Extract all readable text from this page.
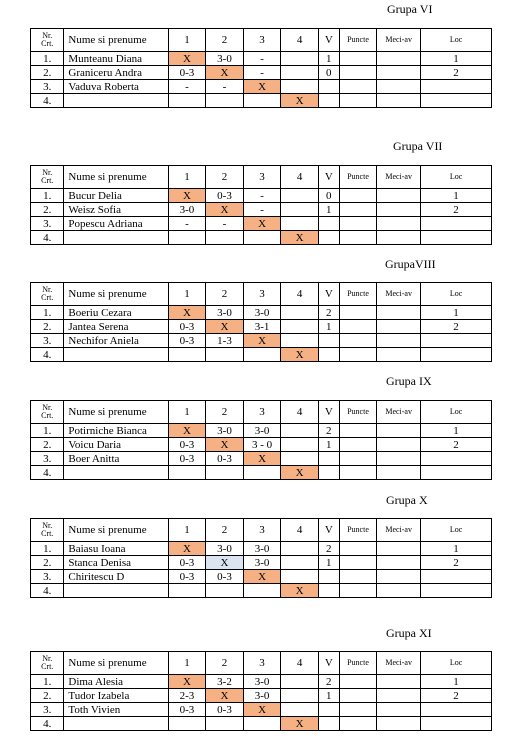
Grupa VI
Nr.
Crt.	Nume si prenume	1	2	3	4	V	Puncte	Meci-av	Loc
1.	Munteanu Diana	X	3-0	-		1			1
2.	Graniceru Andra	0-3	X	-		0			2
3.	Vaduva Roberta	-	-	X					
4.					X				
Grupa VII
Nr.
Crt.	Nume si prenume	1	2	3	4	V	Puncte	Meci-av	Loc
1.	Bucur Delia	X	0-3	-		0			1
2.	Weisz Sofia	3-0	X	-		1			2
3.	Popescu Adriana	-	-	X					
4.					X				
GrupaVIII
Nr.
Crt.	Nume si prenume	1	2	3	4	V	Puncte	Meci-av	Loc
1.	Boeriu Cezara	X	3-0	3-0		2			1
2.	Jantea Serena	0-3	X	3-1		1			2
3.	Nechifor Aniela	0-3	1-3	X					
4.					X				
Grupa IX
Nr.
Crt.	Nume si prenume	1	2	3	4	V	Puncte	Meci-av	Loc
1.	Potirniche Bianca	X	3-0	3-0		2			1
2.	Voicu Daria	0-3	X	3 - 0		1			2
3.	Boer Anitta	0-3	0-3	X					
4.					X				
Grupa X
Nr.
Crt.	Nume si prenume	1	2	3	4	V	Puncte	Meci-av	Loc
1.	Baiasu Ioana	X	3-0	3-0		2			1
2.	Stanca Denisa	0-3	X	3-0		1			2
3.	Chiritescu D	0-3	0-3	X					
4.					X				
Grupa XI
Nr.
Crt.	Nume si prenume	1	2	3	4	V	Puncte	Meci-av	Loc
1.	Dima Alesia	X	3-2	3-0		2			1
2.	Tudor Izabela	2-3	X	3-0		1			2
3.	Toth Vivien	0-3	0-3	X					
4.					X				
